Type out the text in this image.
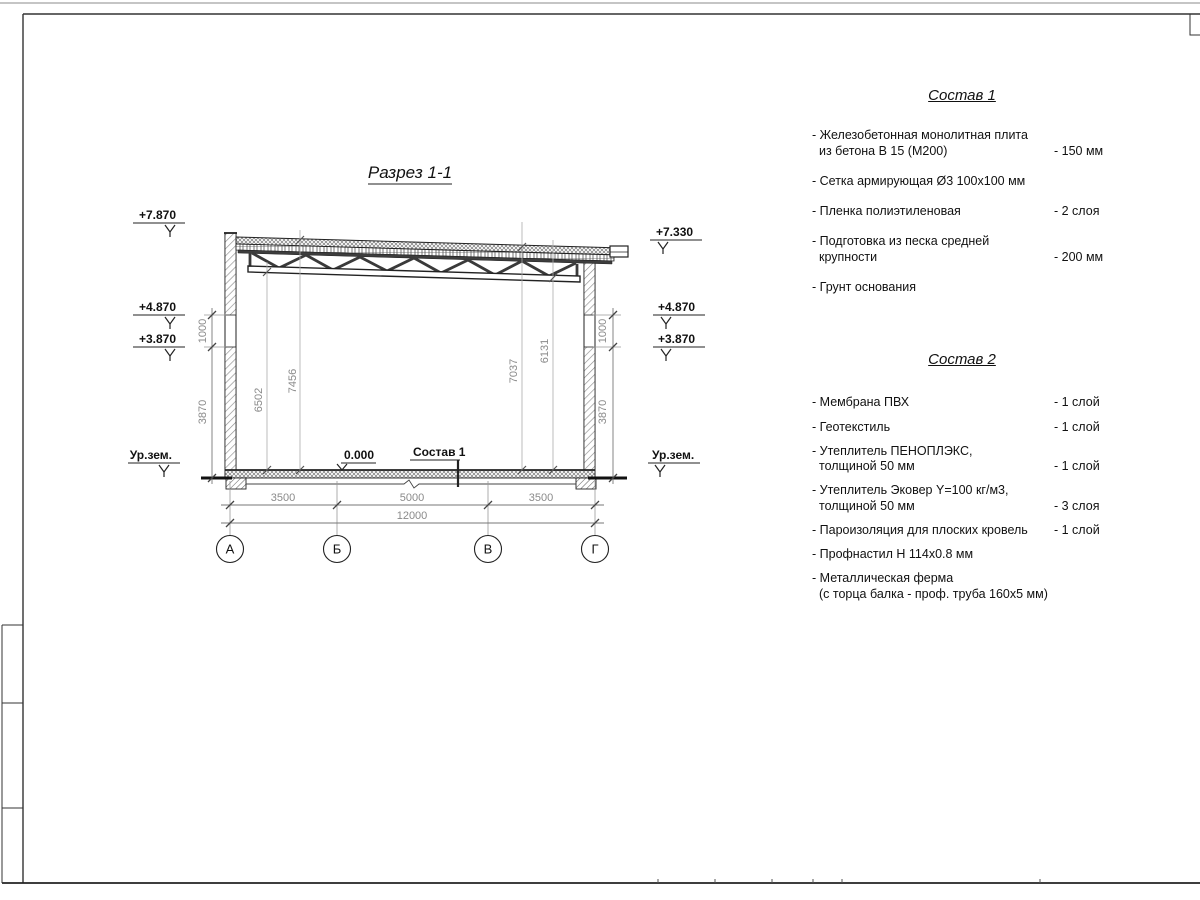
Разрез 1-1
6502
7456	7037
6131
1000
3870
1000
3870
+7.870
+4.870
+3.870
Ур.зем.
+7.330
+4.870
+3.870
Ур.зем.
0.000	Состав 1
3500	5000	3500
12000
А	Б	В	Г
Состав 1
- Железобетонная монолитная плита
из бетона В 15 (М200)	- 150 мм
- Сетка армирующая Ø3 100x100 мм
- Пленка полиэтиленовая	- 2 слоя
- Подготовка из песка средней
крупности	- 200 мм
- Грунт основания
Состав 2
- Мембрана ПВХ	- 1 слой
- Геотекстиль	- 1 слой
- Утеплитель ПЕНОПЛЭКС,
толщиной 50 мм	- 1 слой
- Утеплитель Эковер Y=100 кг/м3,
толщиной 50 мм	- 3 слоя
- Пароизоляция для плоских кровель - 1 слой
- Профнастил Н 114x0.8 мм
- Металлическая ферма
(с торца балка - проф. труба 160x5 мм)
